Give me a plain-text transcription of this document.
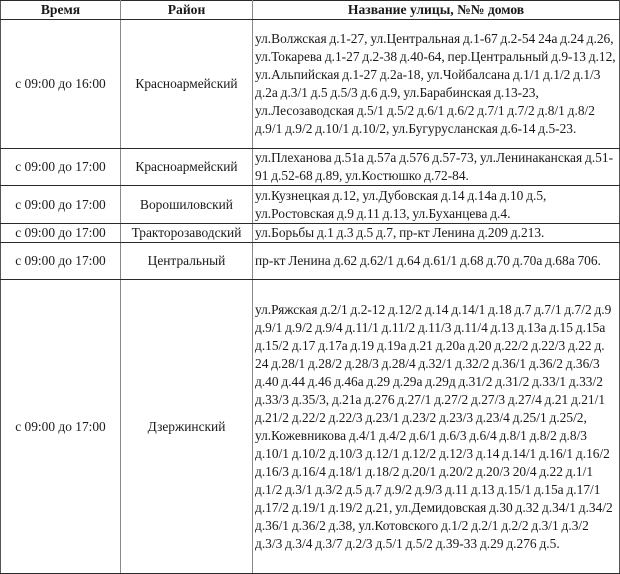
Время	Район	Название улицы, №№ домов
с 09:00 до 16:00	Красноармейский	ул.Волжская д.1-27, ул.Центральная д.1-67 д.2-54 24а д.24 д.26, ул.Токарева д.1-27 д.2-38 д.40-64, пер.Центральный д.9-13 д.12, ул.Альпийская д.1-27 д.2а-18, ул.Чойбалсана д.1/1 д.1/2 д.1/3 д.2а д.3/1 д.5 д.5/3 д.6 д.9, ул.Барабинская д.13-23, ул.Лесозаводская д.5/1 д.5/2 д.6/1 д.6/2 д.7/1 д.7/2 д.8/1 д.8/2 д.9/1 д.9/2 д.10/1 д.10/2, ул.Бугурусланская д.6-14 д.5-23.
с 09:00 до 17:00	Красноармейский	ул.Плеханова д.51а д.57а д.576 д.57-73, ул.Ленинаканская д.51-91 д.52-68 д.89, ул.Костюшко д.72-84.
с 09:00 до 17:00	Ворошиловский	ул.Кузнецкая д.12, ул.Дубовская д.14 д.14а д.10 д.5, ул.Ростовская д.9 д.11 д.13, ул.Буханцева д.4.
с 09:00 до 17:00	Тракторозаводский	ул.Борьбы д.1 д.3 д.5 д.7, пр-кт Ленина д.209 д.213.
с 09:00 до 17:00	Центральный	пр-кт Ленина д.62 д.62/1 д.64 д.61/1 д.68 д.70 д.70а д.68а 706.
с 09:00 до 17:00	Дзержинский	ул.Ряжская д.2/1 д.2-12 д.12/2 д.14 д.14/1 д.18 д.7 д.7/1 д.7/2 д.9 д.9/1 д.9/2 д.9/4 д.11/1 д.11/2 д.11/3 д.11/4 д.13 д.13а д.15 д.15а д.15/2 д.17 д.17а д.19 д.19а д.21 д.20а д.20 д.22/2 д.22/3 д.22 д. 24 д.28/1 д.28/2 д.28/3 д.28/4 д.32/1 д.32/2 д.36/1 д.36/2 д.36/3 д.40 д.44 д.46 д.46а д.29 д.29а д.29д д.31/2 д.31/2 д.33/1 д.33/2 д.33/3 д.35/3, д.21а д.276 д.27/1 д.27/2 д.27/3 д.27/4 д.21 д.21/1 д.21/2 д.22/2 д.22/3 д.23/1 д.23/2 д.23/3 д.23/4 д.25/1 д.25/2, ул.Кожевникова д.4/1 д.4/2 д.6/1 д.6/3 д.6/4 д.8/1 д.8/2 д.8/3 д.10/1 д.10/2 д.10/3 д.12/1 д.12/2 д.12/3 д.14 д.14/1 д.16/1 д.16/2 д.16/3 д.16/4 д.18/1 д.18/2 д.20/1 д.20/2 д.20/3 20/4 д.22 д.1/1 д.1/2 д.3/1 д.3/2 д.5 д.7 д.9/2 д.9/3 д.11 д.13 д.15/1 д.15а д.17/1 д.17/2 д.19/1 д.19/2 д.21, ул.Демидовская д.30 д.32 д.34/1 д.34/2 д.36/1 д.36/2 д.38, ул.Котовского д.1/2 д.2/1 д.2/2 д.3/1 д.3/2 д.3/3 д.3/4 д.3/7 д.2/3 д.5/1 д.5/2 д.39-33 д.29 д.276 д.5.
